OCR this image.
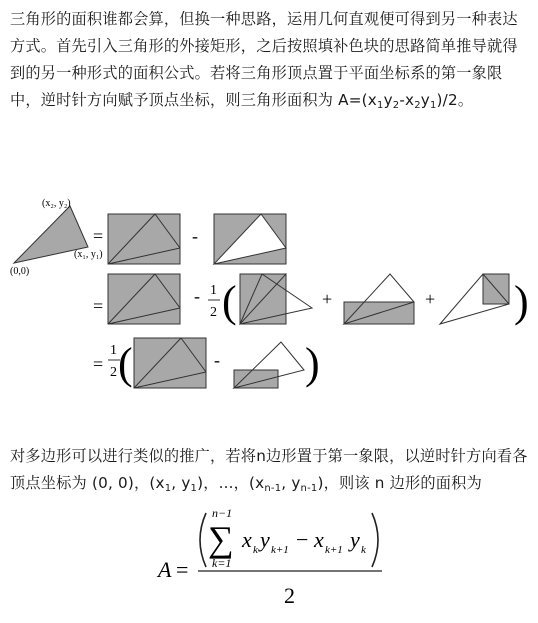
三角形的面积谁都会算，但换一种思路，运用几何直观便可得到另一种表达方式。首先引入三角形的外接矩形，之后按照填补色块的思路简单推导就得到的另一种形式的面积公式。若将三角形顶点置于平面坐标系的第一象限中，逆时针方向赋予顶点坐标，则三角形面积为 $A=(x_1y_2-x_2y_1)/2$。
(x₂, y₂)
(x₁, y₁)
(0,0)
=	-
=	- 1
2 (	+	+ )
=
1
2 (	- )
对多边形可以进行类似的推广，若将n边形置于第一象限，以逆时针方向看各顶点坐标为 (0, 0)，($x_1$, $y_1$)，...，($x_{n-1}$, $y_{n-1}$)，则该 n 边形的面积为
A =
n−1
∑
k=1
x k y k+1 − x k+1 y k
2
